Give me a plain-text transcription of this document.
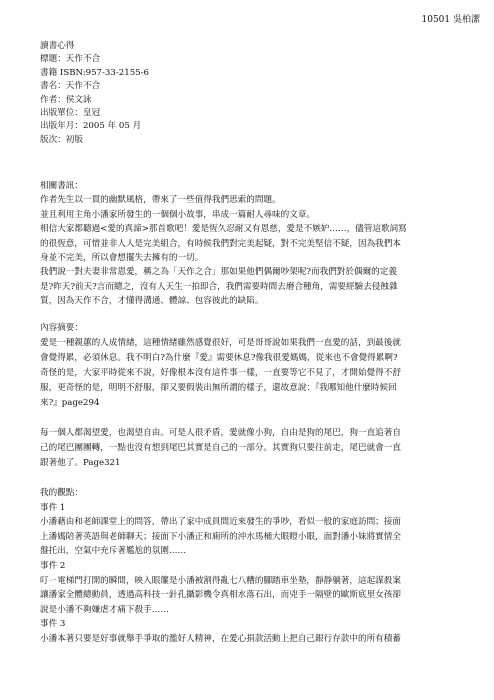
10501 吳柏潔
讀書心得
標題：天作不合
書籍 ISBN:957-33-2155-6
書名：天作不合
作者：侯文詠
出版單位：皇冠
出版年月：2005 年 05 月
版次：初版
相關書訊：
作者先生以一貫的幽默風格，帶來了一些值得我們思索的問題。
並且利用主角小潘家所發生的一個個小故事，串成一篇耐人尋味的文章。
相信大家都聽過<愛的真諦>那首歌吧！愛是恆久忍耐又有恩慈，愛是不嫉妒……，儘管這歌詞寫
的很恆意，可惜並非人人是完美組合，有時候我們對完美起疑，對不完美堅信不疑，因為我們本
身並不完美，所以會想擺失去擁有的一切。
我們說一對夫妻非常恩愛，稱之為「天作之合」那如果他們偶爾吵架呢?而我們對於偶爾的定義
是?昨天?前天?言而總之，沒有人天生一拍即合，我們需要時間去磨合種角，需要經驗去侵蝕雜
質，因為天作不合，才懂得溝通、體諒、包容彼此的缺陷。
內容摘要：
愛是一種親蕙的人成情緒，這種情緒雖然感覺很好，可是哥哥說如果我們一直愛的話，到最後就
會覺得累，必須休息。我不明白?為什麼『愛』需要休息?像我很愛媽媽，從來也不會覺得累啊?
奇怪的是，大家平時從來不說，好像根本沒有這件事一樣，一直要等它不見了，才開始覺得不舒
服，更奇怪的是，明明不舒服，卻又要假裝出無所謂的樣子，還故意說：『我哪知他什麼時候回
來?』page294
每一個人都渴望愛，也渴望自由。可是人很矛盾，愛就像小狗，自由是狗的尾巴，狗一直追著自
己的尾巴團團轉，一點也沒有想到尾巴其實是自己的一部分。其實狗只要往前走，尾巴就會一直
跟著他了。Page321
我的觀點：
事件 1
小潘藉由和老師課堂上的問答，帶出了家中成員間近來發生的爭吵，看似一般的家庭訪問；接面
上潘媽陪著英語與老師聊天；接面下小潘正和廁所的沖水馬桶大眼瞪小眼，面對潘小妹將實情全
盤托出，空氣中充斥著尷尬的氛圍……
事件 2
叮ㄧ電梯門打開的瞬間，映入眼簾是小潘被割得亂七八糟的腳踏車坐墊，靜靜躺著，這起謀殺案
讓潘家全體總動員，透過高科技一針孔攝影機令真相水落石出，而兇手一隔壁的歐斯底里女孩卻
說是小潘不夠嫌虐才痛下殺手……
事件 3
小潘本著只要是好事就舉手爭取的濫好人精神，在愛心捐款活動上把自己銀行存款中的所有積蓄
